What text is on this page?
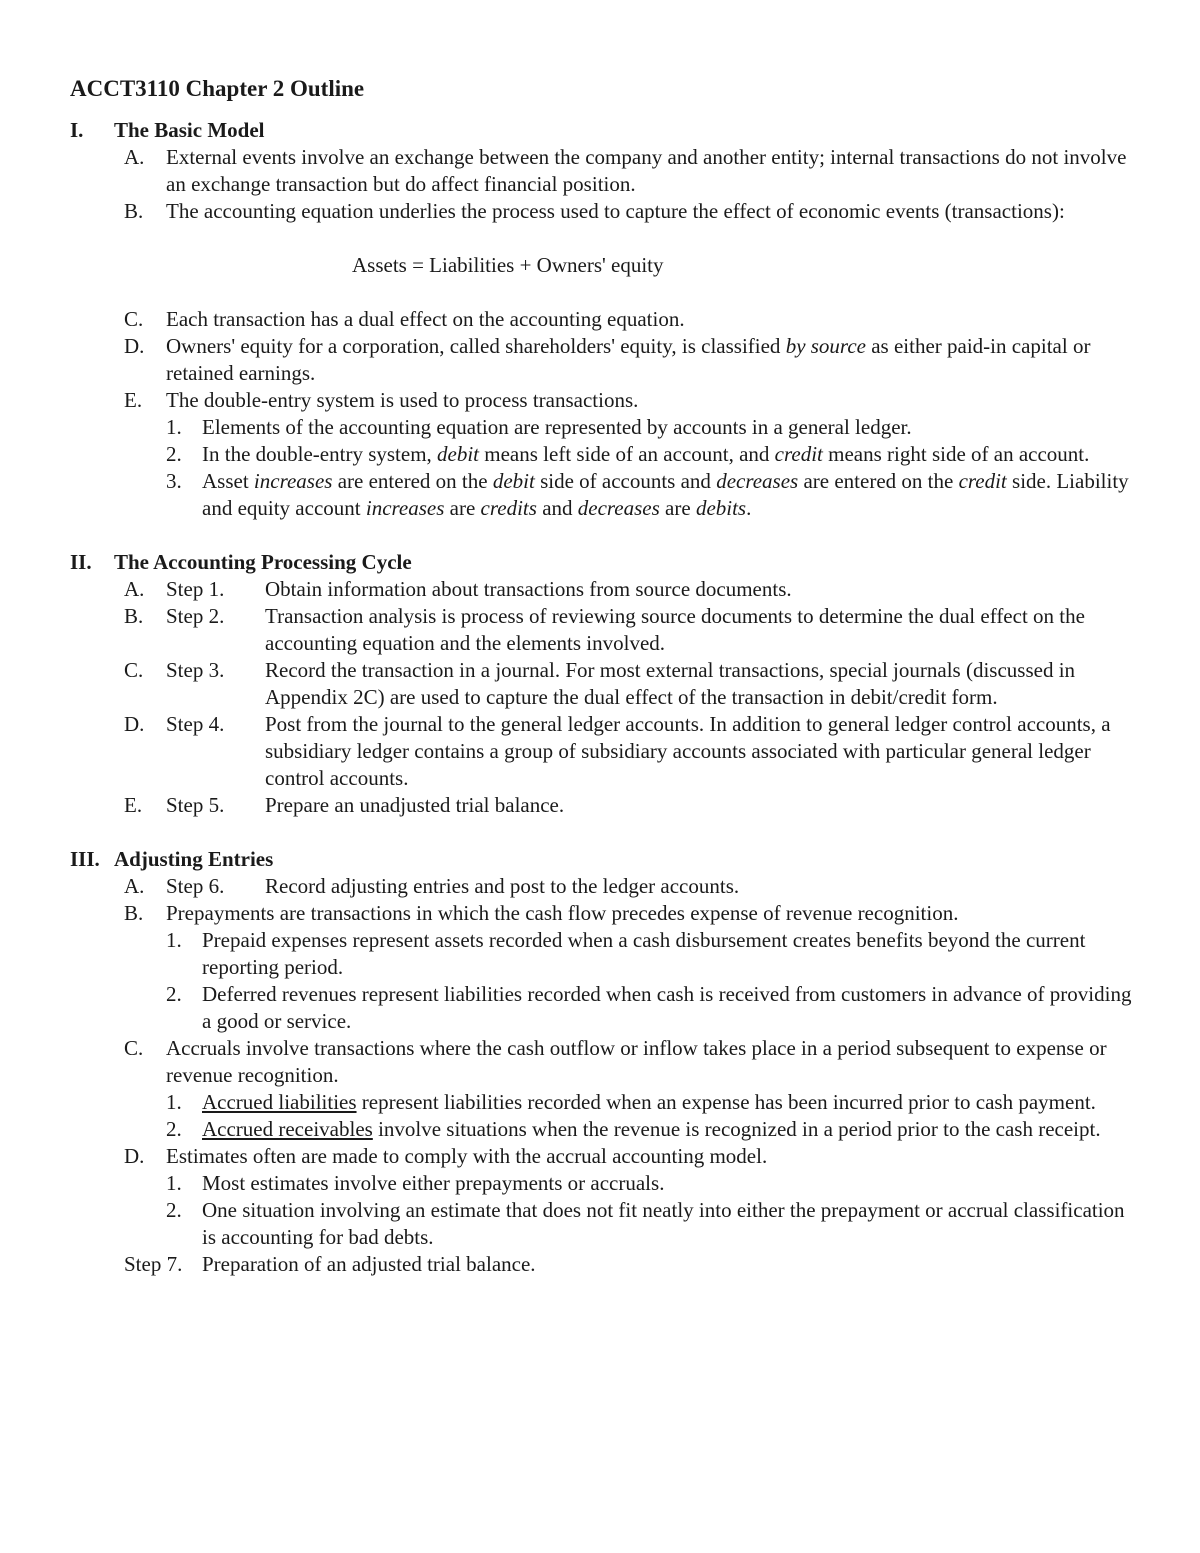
ACCT3110 Chapter 2 Outline
I. The Basic Model
A. External events involve an exchange between the company and another entity; internal transactions do not involve an exchange transaction but do affect financial position.
B. The accounting equation underlies the process used to capture the effect of economic events (transactions):
Assets = Liabilities + Owners' equity
C. Each transaction has a dual effect on the accounting equation.
D. Owners' equity for a corporation, called shareholders' equity, is classified by source as either paid-in capital or retained earnings.
E. The double-entry system is used to process transactions.
1. Elements of the accounting equation are represented by accounts in a general ledger.
2. In the double-entry system, debit means left side of an account, and credit means right side of an account.
3. Asset increases are entered on the debit side of accounts and decreases are entered on the credit side. Liability and equity account increases are credits and decreases are debits.
II. The Accounting Processing Cycle
A. Step 1. Obtain information about transactions from source documents.
B. Step 2. Transaction analysis is process of reviewing source documents to determine the dual effect on the accounting equation and the elements involved.
C. Step 3. Record the transaction in a journal. For most external transactions, special journals (discussed in Appendix 2C) are used to capture the dual effect of the transaction in debit/credit form.
D. Step 4. Post from the journal to the general ledger accounts. In addition to general ledger control accounts, a subsidiary ledger contains a group of subsidiary accounts associated with particular general ledger control accounts.
E. Step 5. Prepare an unadjusted trial balance.
III. Adjusting Entries
A. Step 6. Record adjusting entries and post to the ledger accounts.
B. Prepayments are transactions in which the cash flow precedes expense of revenue recognition.
1. Prepaid expenses represent assets recorded when a cash disbursement creates benefits beyond the current reporting period.
2. Deferred revenues represent liabilities recorded when cash is received from customers in advance of providing a good or service.
C. Accruals involve transactions where the cash outflow or inflow takes place in a period subsequent to expense or revenue recognition.
1. Accrued liabilities represent liabilities recorded when an expense has been incurred prior to cash payment.
2. Accrued receivables involve situations when the revenue is recognized in a period prior to the cash receipt.
D. Estimates often are made to comply with the accrual accounting model.
1. Most estimates involve either prepayments or accruals.
2. One situation involving an estimate that does not fit neatly into either the prepayment or accrual classification is accounting for bad debts.
Step 7. Preparation of an adjusted trial balance.
